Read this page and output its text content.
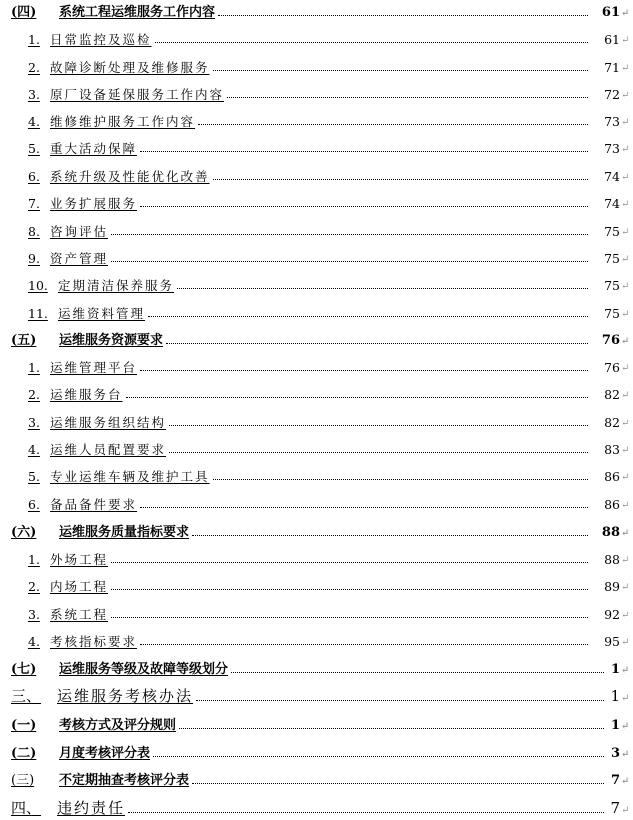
(四)	系统工程运维服务工作内容	61 ↵
1. 日常监控及巡检	61 ↵
2. 故障诊断处理及维修服务	71 ↵
3. 原厂设备延保服务工作内容	72 ↵
4. 维修维护服务工作内容	73 ↵
5. 重大活动保障	73 ↵
6. 系统升级及性能优化改善	74 ↵
7. 业务扩展服务	74 ↵
8. 咨询评估	75 ↵
9. 资产管理	75 ↵
10. 定期清洁保养服务	75 ↵
11. 运维资料管理	75 ↵
(五)	运维服务资源要求	76 ↵
1. 运维管理平台	76 ↵
2. 运维服务台	82 ↵
3. 运维服务组织结构	82 ↵
4. 运维人员配置要求	83 ↵
5. 专业运维车辆及维护工具	86 ↵
6. 备品备件要求	86 ↵
(六)	运维服务质量指标要求	88 ↵
1. 外场工程	88 ↵
2. 内场工程	89 ↵
3. 系统工程	92 ↵
4. 考核指标要求	95 ↵
(七)	运维服务等级及故障等级划分	1 ↵
三、	运维服务考核办法	1 ↵
(一)	考核方式及评分规则	1 ↵
(二)	月度考核评分表	3 ↵
(三)	不定期抽查考核评分表	7 ↵
四、	违约责任	7 ↵
